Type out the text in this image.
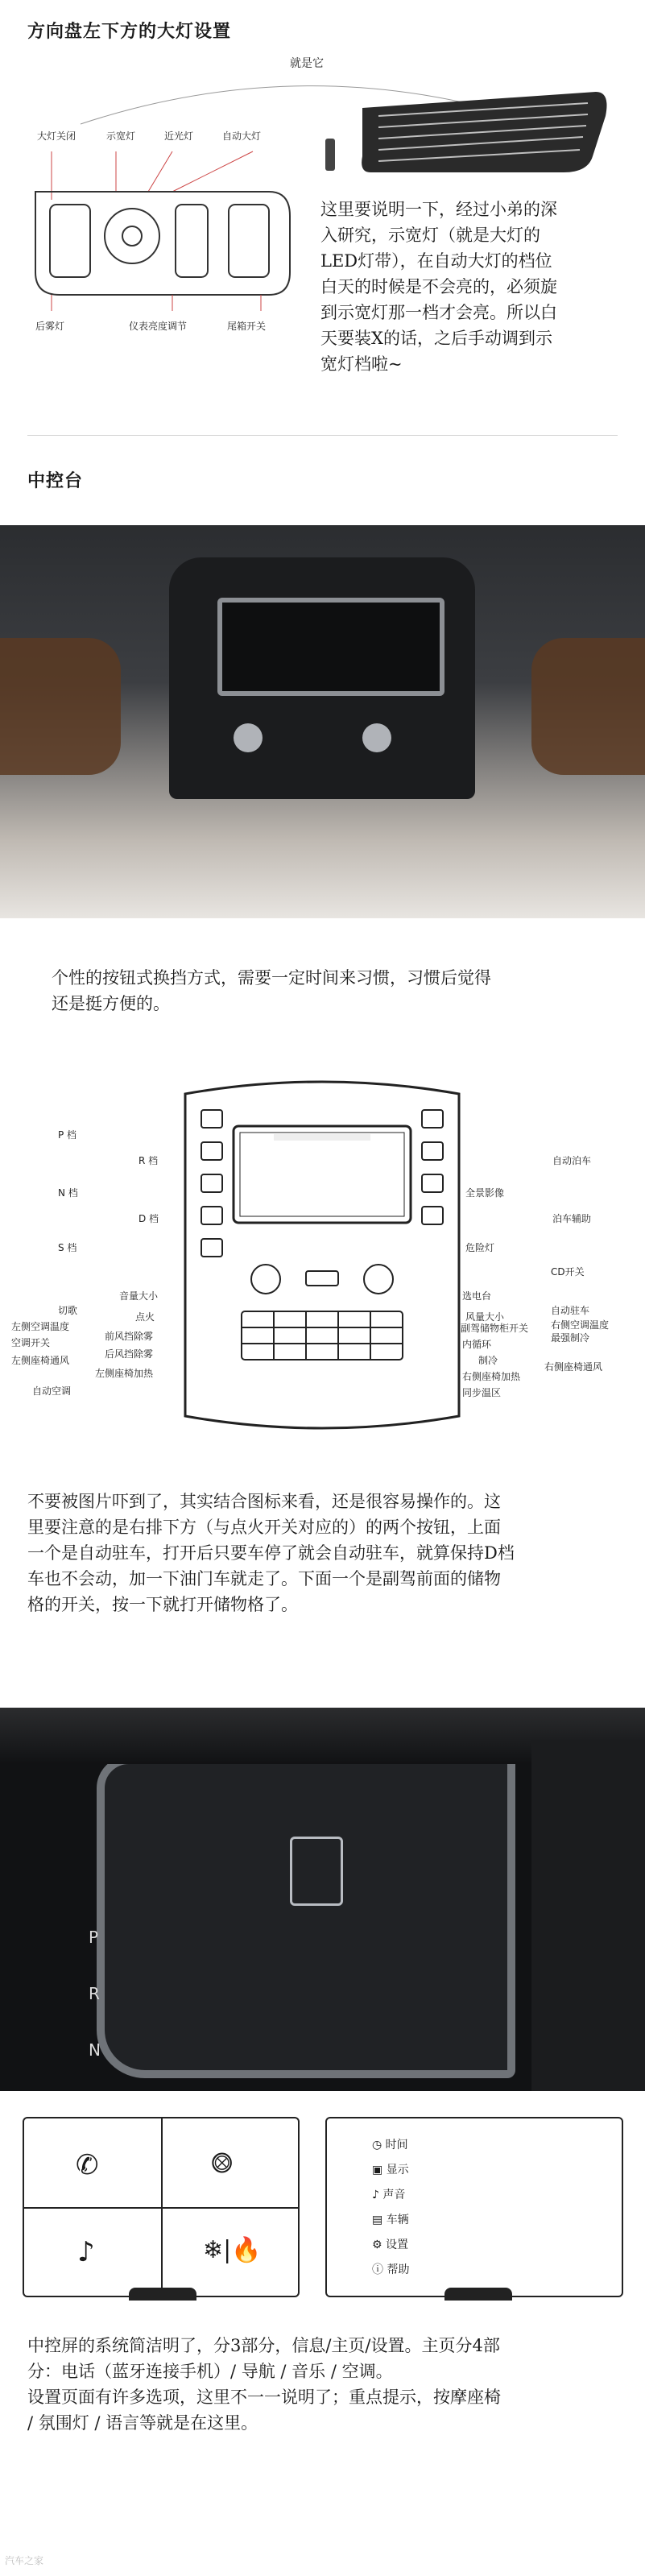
方向盘左下方的大灯设置
就是它
大灯关闭	示宽灯	近光灯	自动大灯
后雾灯	仪表亮度调节	尾箱开关
这里要说明一下，经过小弟的深
入研究，示宽灯（就是大灯的
LED灯带），在自动大灯的档位
白天的时候是不会亮的，必须旋
到示宽灯那一档才会亮。所以白
天要装X的话，之后手动调到示
宽灯档啦~
中控台
个性的按钮式换挡方式，需要一定时间来习惯，习惯后觉得
还是挺方便的。
P 档
R 档
N 档
D 档
S 档
音量大小
点火
切歌
左侧空调温度
前风挡除雾
空调开关
后风挡除雾
左侧座椅通风
左侧座椅加热
自动空调
自动泊车
全景影像
泊车辅助
危险灯
CD开关
选电台
风量大小
自动驻车
副驾储物柜开关 右侧空调温度
最强制冷
内循环
制冷
右侧座椅加热
右侧座椅通风
同步温区
不要被图片吓到了，其实结合图标来看，还是很容易操作的。这
里要注意的是右排下方（与点火开关对应的）的两个按钮，上面
一个是自动驻车，打开后只要车停了就会自动驻车，就算保持D档
车也不会动，加一下油门车就走了。下面一个是副驾前面的储物
格的开关，按一下就打开储物格了。
P
R
N
✆	⨷
♪	❄|🔥
◷ 时间
▣ 显示
♪ 声音
▤ 车辆
⚙ 设置
ⓘ 帮助
中控屏的系统简洁明了，分3部分，信息/主页/设置。主页分4部
分：电话（蓝牙连接手机）/ 导航 / 音乐 / 空调。
设置页面有许多选项，这里不一一说明了；重点提示，按摩座椅
/ 氛围灯 / 语言等就是在这里。
汽车之家
